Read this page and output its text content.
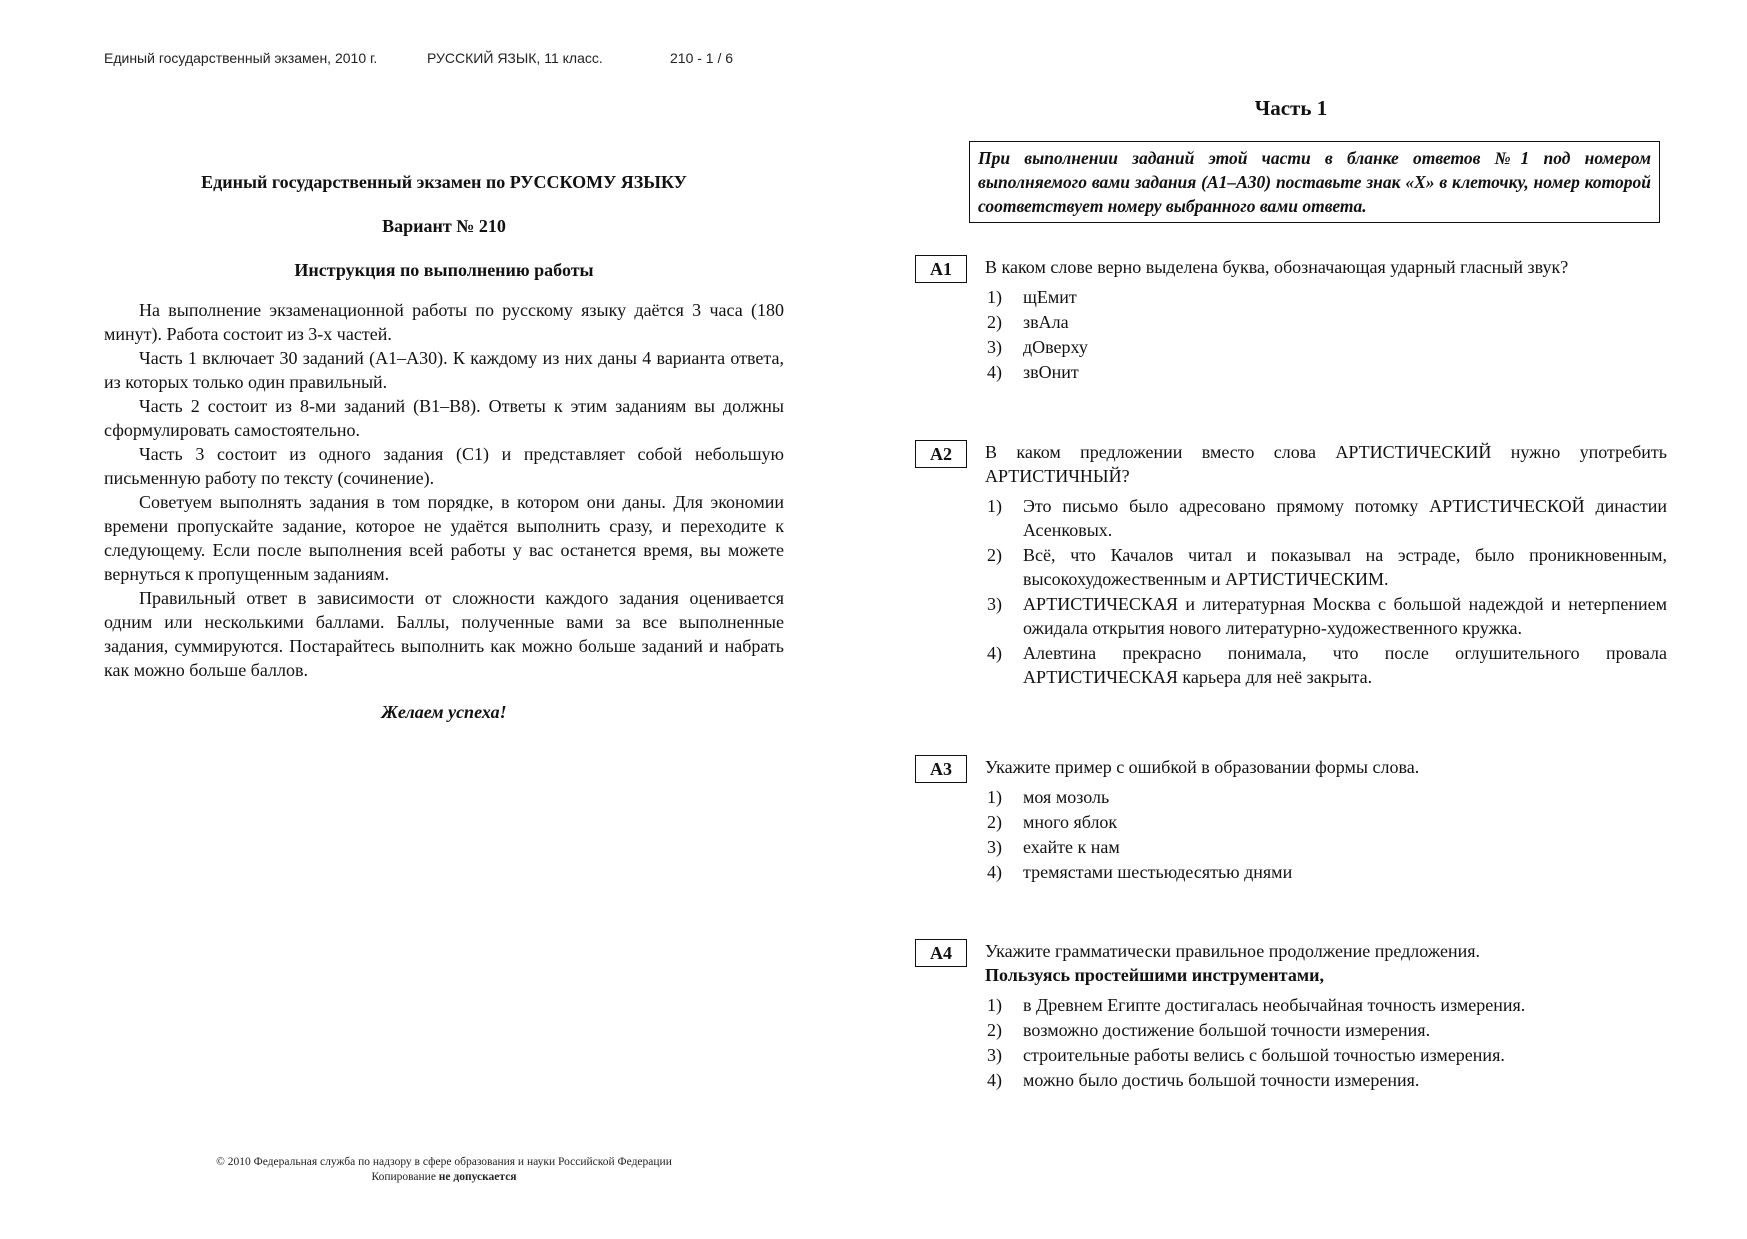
Единый государственный экзамен, 2010 г.	РУССКИЙ ЯЗЫК, 11 класс.	210 - 1 / 6
Единый государственный экзамен по РУССКОМУ ЯЗЫКУ
Вариант № 210
Инструкция по выполнению работы

На выполнение экзаменационной работы по русскому языку даётся 3 часа (180 минут). Работа состоит из 3-х частей.

Часть 1 включает 30 заданий (А1–А30). К каждому из них даны 4 варианта ответа, из которых только один правильный.

Часть 2 состоит из 8-ми заданий (В1–В8). Ответы к этим заданиям вы должны сформулировать самостоятельно.

Часть 3 состоит из одного задания (С1) и представляет собой небольшую письменную работу по тексту (сочинение).

Советуем выполнять задания в том порядке, в котором они даны. Для экономии времени пропускайте задание, которое не удаётся выполнить сразу, и переходите к следующему. Если после выполнения всей работы у вас останется время, вы можете вернуться к пропущенным заданиям.

Правильный ответ в зависимости от сложности каждого задания оценивается одним или несколькими баллами. Баллы, полученные вами за все выполненные задания, суммируются. Постарайтесь выполнить как можно больше заданий и набрать как можно больше баллов.

Желаем успеха!
© 2010 Федеральная служба по надзору в сфере образования и науки Российской Федерации
Копирование не допускается
Часть 1
При выполнении заданий этой части в бланке ответов №1 под номером выполняемого вами задания (А1–А30) поставьте знак «X» в клеточку, номер которой соответствует номеру выбранного вами ответа.
А1	В каком слове верно выделена буква, обозначающая ударный гласный звук?
1) щЕмит
2) звАла
3) дОверху
4) звОнит
А2	В каком предложении вместо слова АРТИСТИЧЕСКИЙ нужно употребить АРТИСТИЧНЫЙ?
1) Это письмо было адресовано прямому потомку АРТИСТИЧЕСКОЙ династии Асенковых.
2) Всё, что Качалов читал и показывал на эстраде, было проникновенным, высокохудожественным и АРТИСТИЧЕСКИМ.
3) АРТИСТИЧЕСКАЯ и литературная Москва с большой надеждой и нетерпением ожидала открытия нового литературно-художественного кружка.
4) Алевтина прекрасно понимала, что после оглушительного провала АРТИСТИЧЕСКАЯ карьера для неё закрыта.
А3	Укажите пример с ошибкой в образовании формы слова.
1) моя мозоль
2) много яблок
3) ехайте к нам
4) тремястами шестьюдесятью днями
А4	Укажите грамматически правильное продолжение предложения.
Пользуясь простейшими инструментами,
1) в Древнем Египте достигалась необычайная точность измерения.
2) возможно достижение большой точности измерения.
3) строительные работы велись с большой точностью измерения.
4) можно было достичь большой точности измерения.
